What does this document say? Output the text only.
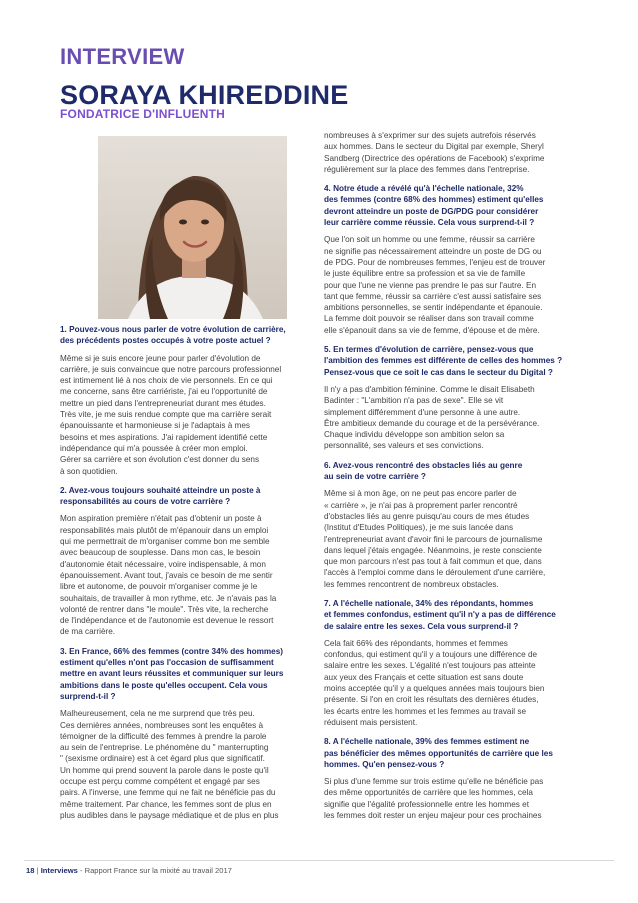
INTERVIEW
SORAYA KHIREDDINE
FONDATRICE D'INFLUENTH
1. Pouvez-vous nous parler de votre évolution de carrière,
des précédents postes occupés à votre poste actuel ?
Même si je suis encore jeune pour parler d'évolution de
carrière, je suis convaincue que notre parcours professionnel
est intimement lié à nos choix de vie personnels. En ce qui
me concerne, sans être carriériste, j'ai eu l'opportunité de
mettre un pied dans l'entrepreneuriat durant mes études.
Très vite, je me suis rendue compte que ma carrière serait
épanouissante et harmonieuse si je l'adaptais à mes
besoins et mes aspirations. J'ai rapidement identifié cette
indépendance qui m'a poussée à créer mon emploi.
Gérer sa carrière et son évolution c'est donner du sens
à son quotidien.
2. Avez-vous toujours souhaité atteindre un poste à
responsabilités au cours de votre carrière ?
Mon aspiration première n'était pas d'obtenir un poste à
responsabilités mais plutôt de m'épanouir dans un emploi
qui me permettrait de m'organiser comme bon me semble
avec beaucoup de souplesse. Dans mon cas, le besoin
d'autonomie était nécessaire, voire indispensable, à mon
épanouissement. Avant tout, j'avais ce besoin de me sentir
libre et autonome, de pouvoir m'organiser comme je le
souhaitais, de travailler à mon rythme, etc. Je n'avais pas la
volonté de rentrer dans "le moule". Très vite, la recherche
de l'indépendance et de l'autonomie est devenue le ressort
de ma carrière.
3. En France, 66% des femmes (contre 34% des hommes)
estiment qu'elles n'ont pas l'occasion de suffisamment
mettre en avant leurs réussites et communiquer sur leurs
ambitions dans le poste qu'elles occupent. Cela vous
surprend-t-il ?
Malheureusement, cela ne me surprend que très peu.
Ces dernières années, nombreuses sont les enquêtes à
témoigner de la difficulté des femmes à prendre la parole
au sein de l'entreprise. Le phénomène du " manterrupting
" (sexisme ordinaire) est à cet égard plus que significatif.
Un homme qui prend souvent la parole dans le poste qu'il
occupe est perçu comme compétent et engagé par ses
pairs. A l'inverse, une femme qui ne fait ne bénéficie pas du
même traitement. Par chance, les femmes sont de plus en
plus audibles dans le paysage médiatique et de plus en plus
nombreuses à s'exprimer sur des sujets autrefois réservés
aux hommes. Dans le secteur du Digital par exemple, Sheryl
Sandberg (Directrice des opérations de Facebook) s'exprime
régulièrement sur la place des femmes dans l'entreprise.
4. Notre étude a révélé qu'à l'échelle nationale, 32%
des femmes (contre 68% des hommes) estiment qu'elles
devront atteindre un poste de DG/PDG pour considérer
leur carrière comme réussie. Cela vous surprend-t-il ?
Que l'on soit un homme ou une femme, réussir sa carrière
ne signifie pas nécessairement atteindre un poste de DG ou
de PDG. Pour de nombreuses femmes, l'enjeu est de trouver
le juste équilibre entre sa profession et sa vie de famille
pour que l'une ne vienne pas prendre le pas sur l'autre. En
tant que femme, réussir sa carrière c'est aussi satisfaire ses
ambitions personnelles, se sentir indépendante et épanouie.
La femme doit pouvoir se réaliser dans son travail comme
elle s'épanouit dans sa vie de femme, d'épouse et de mère.
5. En termes d'évolution de carrière, pensez-vous que
l'ambition des femmes est différente de celles des hommes ?
Pensez-vous que ce soit le cas dans le secteur du Digital ?
Il n'y a pas d'ambition féminine. Comme le disait Elisabeth
Badinter : "L'ambition n'a pas de sexe". Elle se vit
simplement différemment d'une personne à une autre.
Être ambitieux demande du courage et de la persévérance.
Chaque individu développe son ambition selon sa
personnalité, ses valeurs et ses convictions.
6. Avez-vous rencontré des obstacles liés au genre
au sein de votre carrière ?
Même si à mon âge, on ne peut pas encore parler de
« carrière », je n'ai pas à proprement parler rencontré
d'obstacles liés au genre puisqu'au cours de mes études
(Institut d'Etudes Politiques), je me suis lancée dans
l'entrepreneuriat avant d'avoir fini le parcours de journalisme
dans lequel j'étais engagée. Néanmoins, je reste consciente
que mon parcours n'est pas tout à fait commun et que, dans
l'accès à l'emploi comme dans le déroulement d'une carrière,
les femmes rencontrent de nombreux obstacles.
7. A l'échelle nationale, 34% des répondants, hommes
et femmes confondus, estiment qu'il n'y a pas de différence
de salaire entre les sexes. Cela vous surprend-il ?
Cela fait 66% des répondants, hommes et femmes
confondus, qui estiment qu'il y a toujours une différence de
salaire entre les sexes. L'égalité n'est toujours pas atteinte
aux yeux des Français et cette situation est sans doute
moins acceptée qu'il y a quelques années mais toujours bien
présente. Si l'on en croit les résultats des dernières études,
les écarts entre les hommes et les femmes au travail se
réduisent mais persistent.
8. A l'échelle nationale, 39% des femmes estiment ne
pas bénéficier des mêmes opportunités de carrière que les
hommes. Qu'en pensez-vous ?
Si plus d'une femme sur trois estime qu'elle ne bénéficie pas
des même opportunités de carrière que les hommes, cela
signifie que l'égalité professionnelle entre les hommes et
les femmes doit rester un enjeu majeur pour ces prochaines
18 | Interviews - Rapport France sur la mixité au travail 2017
